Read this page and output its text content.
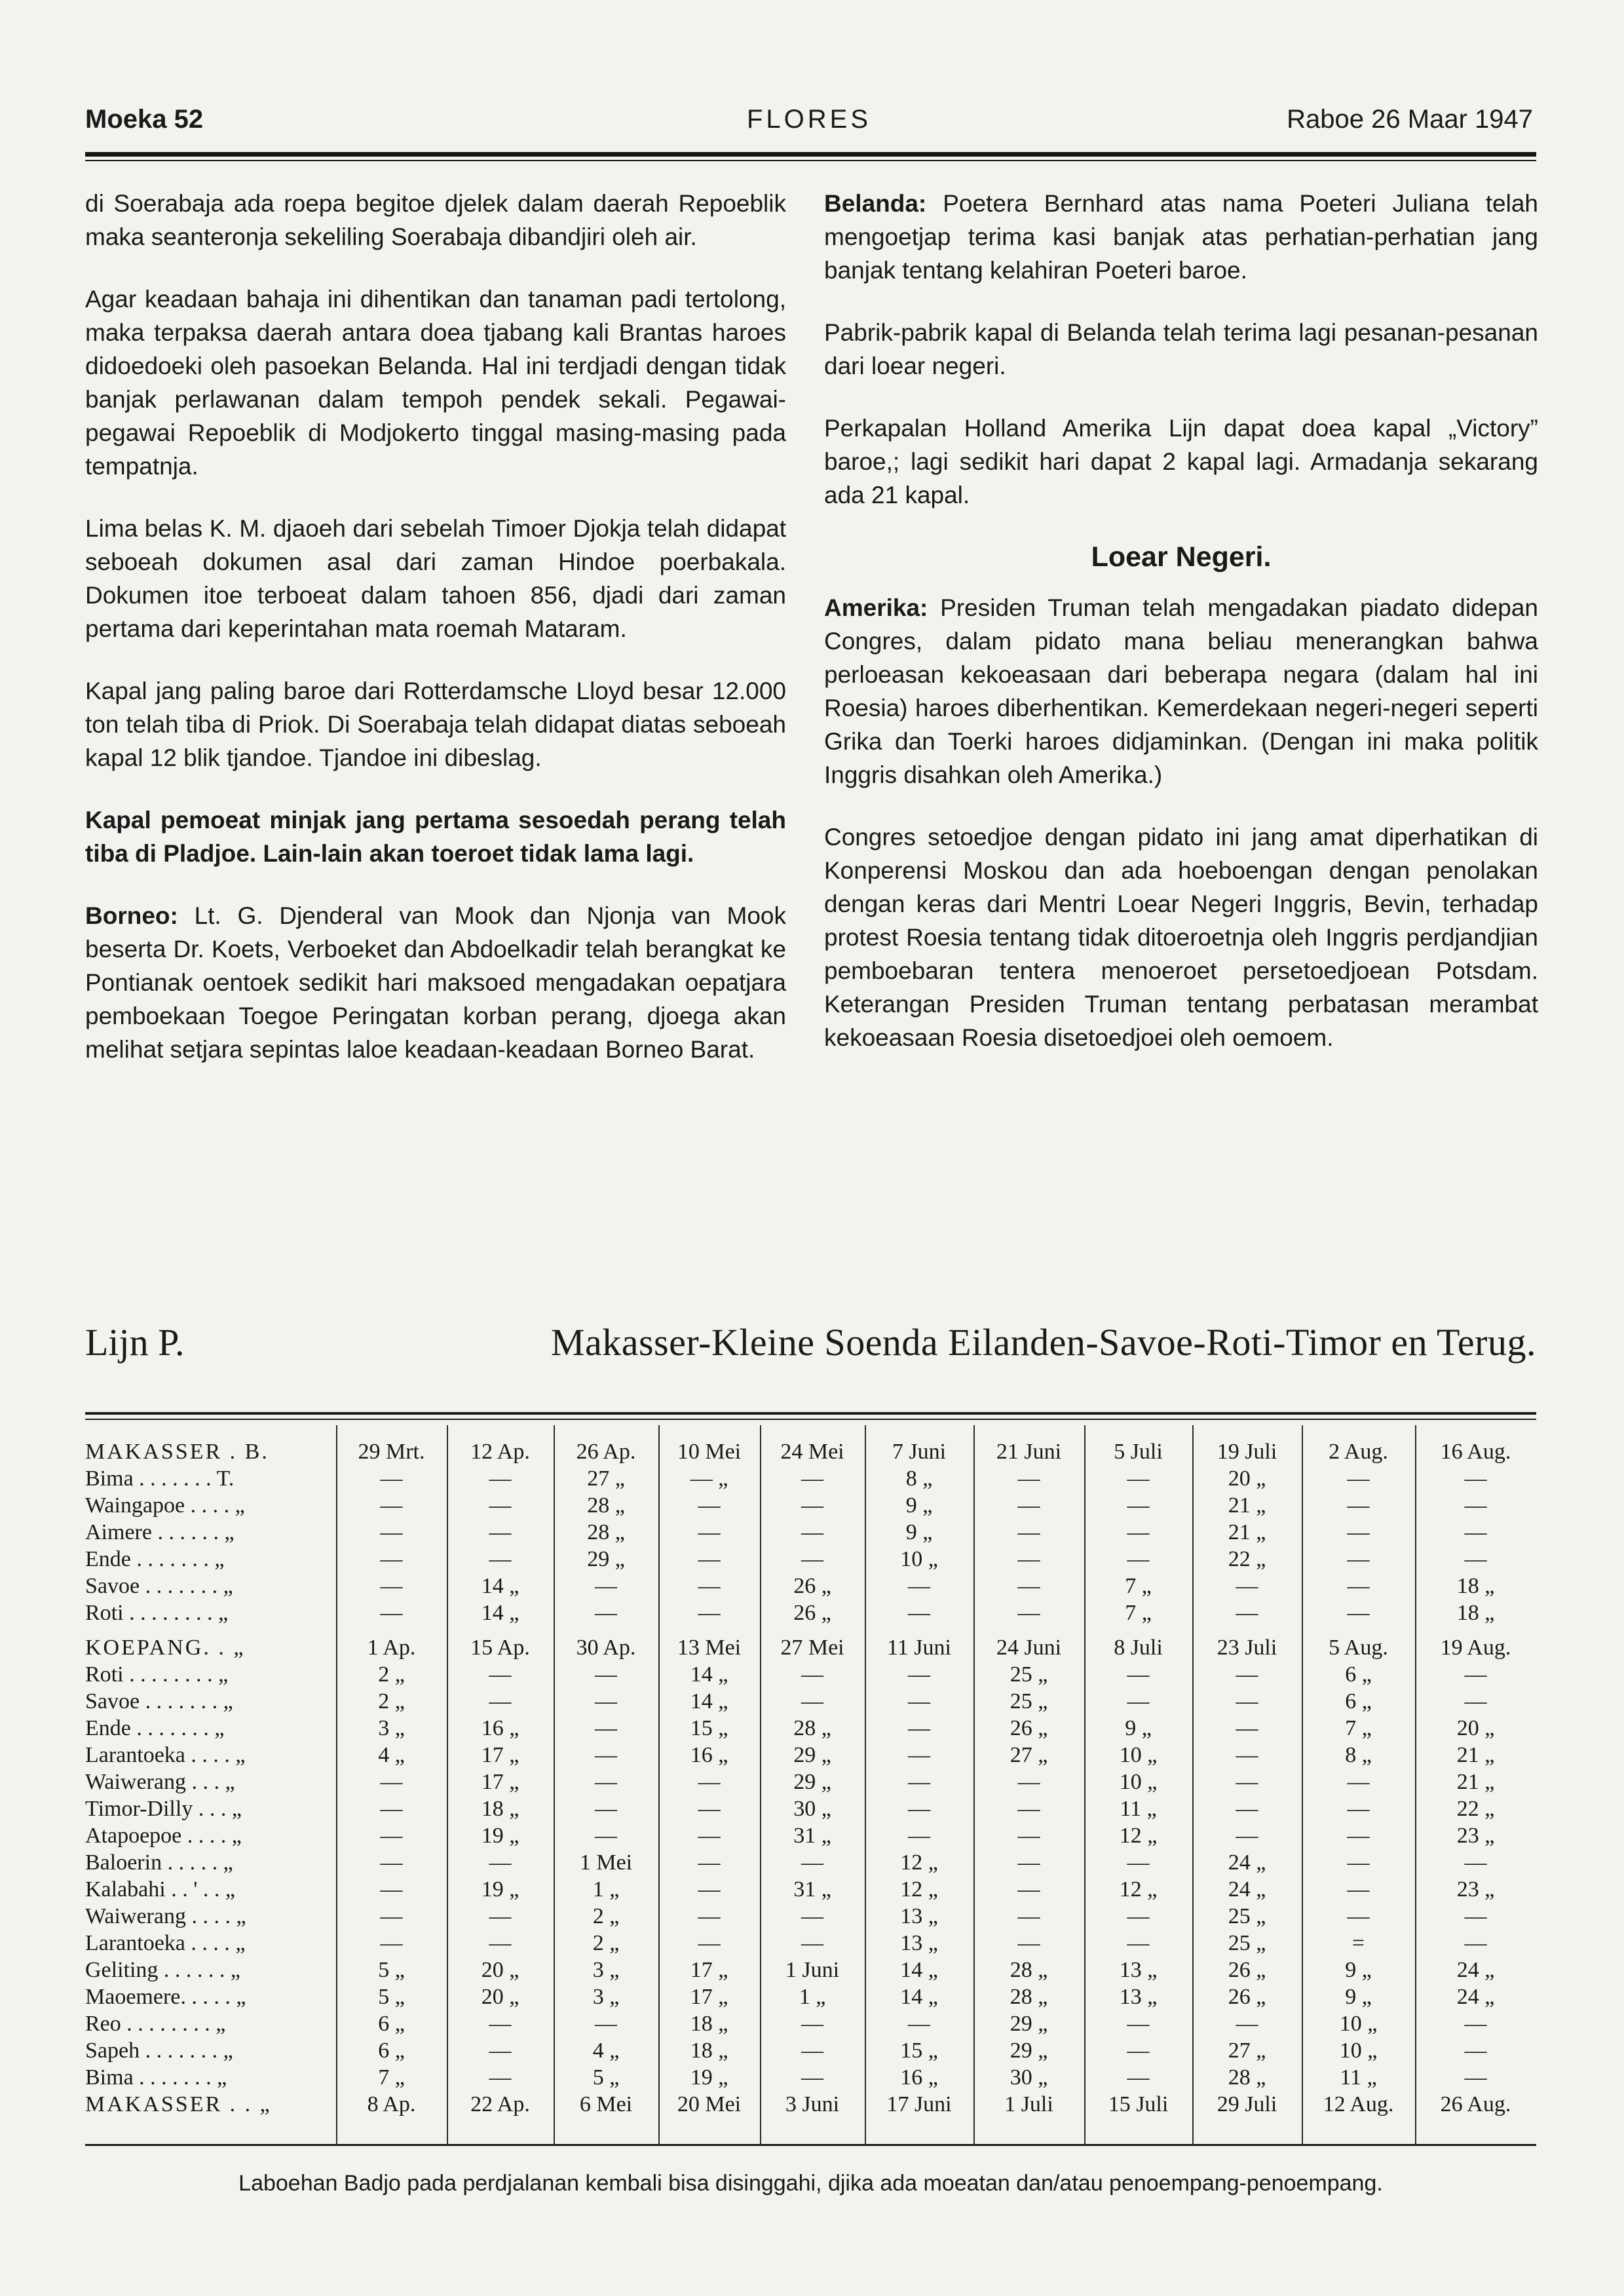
Moeka 52	FLORES	Raboe 26 Maar 1947

di Soerabaja ada roepa begitoe djelek dalam daerah Repoeblik maka seanteronja sekeliling Soerabaja dibandjiri oleh air.

Agar keadaan bahaja ini dihentikan dan tanaman padi tertolong, maka terpaksa daerah antara doea tjabang kali Brantas haroes didoedoeki oleh pasoekan Belanda. Hal ini terdjadi dengan tidak banjak perlawanan dalam tempoh pendek sekali. Pegawai-pegawai Repoeblik di Modjokerto tinggal masing-masing pada tempatnja.

Lima belas K. M. djaoeh dari sebelah Timoer Djokja telah didapat seboeah dokumen asal dari zaman Hindoe poerbakala. Dokumen itoe terboeat dalam tahoen 856, djadi dari zaman pertama dari keperintahan mata roemah Mataram.

Kapal jang paling baroe dari Rotterdamsche Lloyd besar 12.000 ton telah tiba di Priok. Di Soerabaja telah didapat diatas seboeah kapal 12 blik tjandoe. Tjandoe ini dibeslag.

Kapal pemoeat minjak jang pertama sesoedah perang telah tiba di Pladjoe. Lain-lain akan toeroet tidak lama lagi.

Borneo: Lt. G. Djenderal van Mook dan Njonja van Mook beserta Dr. Koets, Verboeket dan Abdoelkadir telah berangkat ke Pontianak oentoek sedikit hari maksoed mengadakan oepatjara pemboekaan Toegoe Peringatan korban perang, djoega akan melihat setjara sepintas laloe keadaan-keadaan Borneo Barat.

Belanda: Poetera Bernhard atas nama Poeteri Juliana telah mengoetjap terima kasi banjak atas perhatian-perhatian jang banjak tentang kelahiran Poeteri baroe.

Pabrik-pabrik kapal di Belanda telah terima lagi pesanan-pesanan dari loear negeri.

Perkapalan Holland Amerika Lijn dapat doea kapal „Victory” baroe,; lagi sedikit hari dapat 2 kapal lagi. Armadanja sekarang ada 21 kapal.

Loear Negeri.

Amerika: Presiden Truman telah mengadakan piadato didepan Congres, dalam pidato mana beliau menerangkan bahwa perloeasan kekoeasaan dari beberapa negara (dalam hal ini Roesia) haroes diberhentikan. Kemerdekaan negeri-negeri seperti Grika dan Toerki haroes didjaminkan. (Dengan ini maka politik Inggris disahkan oleh Amerika.)

Congres setoedjoe dengan pidato ini jang amat diperhatikan di Konperensi Moskou dan ada hoeboengan dengan penolakan dengan keras dari Mentri Loear Negeri Inggris, Bevin, terhadap protest Roesia tentang tidak ditoeroetnja oleh Inggris perdjandjian pemboebaran tentera menoeroet persetoedjoean Potsdam. Keterangan Presiden Truman tentang perbatasan merambat kekoeasaan Roesia disetoedjoei oleh oemoem.

Lijn P.	Makasser-Kleine Soenda Eilanden-Savoe-Roti-Timor en Terug.
MAKASSER . B.	29 Mrt.	12 Ap.	26 Ap.	10 Mei	24 Mei	7 Juni	21 Juni	5 Juli	19 Juli	2 Aug.	16 Aug.
Bima . . . . . . . T.	—	—	27 „	— „	—	8 „	—	—	20 „	—	—
Waingapoe . . . . „	—	—	28 „	—	—	9 „	—	—	21 „	—	—
Aimere . . . . . . „	—	—	28 „	—	—	9 „	—	—	21 „	—	—
Ende . . . . . . . „	—	—	29 „	—	—	10 „	—	—	22 „	—	—
Savoe . . . . . . . „	—	14 „	—	—	26 „	—	—	7 „	—	—	18 „
Roti . . . . . . . . „	—	14 „	—	—	26 „	—	—	7 „	—	—	18 „
KOEPANG. . „	1 Ap.	15 Ap.	30 Ap.	13 Mei	27 Mei	11 Juni	24 Juni	8 Juli	23 Juli	5 Aug.	19 Aug.
Roti . . . . . . . . „	2 „	—	—	14 „	—	—	25 „	—	—	6 „	—
Savoe . . . . . . . „	2 „	—	—	14 „	—	—	25 „	—	—	6 „	—
Ende . . . . . . . „	3 „	16 „	—	15 „	28 „	—	26 „	9 „	—	7 „	20 „
Larantoeka . . . . „	4 „	17 „	—	16 „	29 „	—	27 „	10 „	—	8 „	21 „
Waiwerang . . . „	—	17 „	—	—	29 „	—	—	10 „	—	—	21 „
Timor-Dilly . . . „	—	18 „	—	—	30 „	—	—	11 „	—	—	22 „
Atapoepoe . . . . „	—	19 „	—	—	31 „	—	—	12 „	—	—	23 „
Baloerin . . . . . „	—	—	1 Mei	—	—	12 „	—	—	24 „	—	—
Kalabahi . . ' . . „	—	19 „	1 „	—	31 „	12 „	—	12 „	24 „	—	23 „
Waiwerang . . . . „	—	—	2 „	—	—	13 „	—	—	25 „	—	—
Larantoeka . . . . „	—	—	2 „	—	—	13 „	—	—	25 „	=	—
Geliting . . . . . . „	5 „	20 „	3 „	17 „	1 Juni	14 „	28 „	13 „	26 „	9 „	24 „
Maoemere. . . . . „	5 „	20 „	3 „	17 „	1 „	14 „	28 „	13 „	26 „	9 „	24 „
Reo . . . . . . . . „	6 „	—	—	18 „	—	—	29 „	—	—	10 „	—
Sapeh . . . . . . . „	6 „	—	4 „	18 „	—	15 „	29 „	—	27 „	10 „	—
Bima . . . . . . . „	7 „	—	5 „	19 „	—	16 „	30 „	—	28 „	11 „	—
MAKASSER . . „	8 Ap.	22 Ap.	6 Mei	20 Mei	3 Juni	17 Juni	1 Juli	15 Juli	29 Juli	12 Aug.	26 Aug.
Laboehan Badjo pada perdjalanan kembali bisa disinggahi, djika ada moeatan dan/atau penoempang-penoempang.
